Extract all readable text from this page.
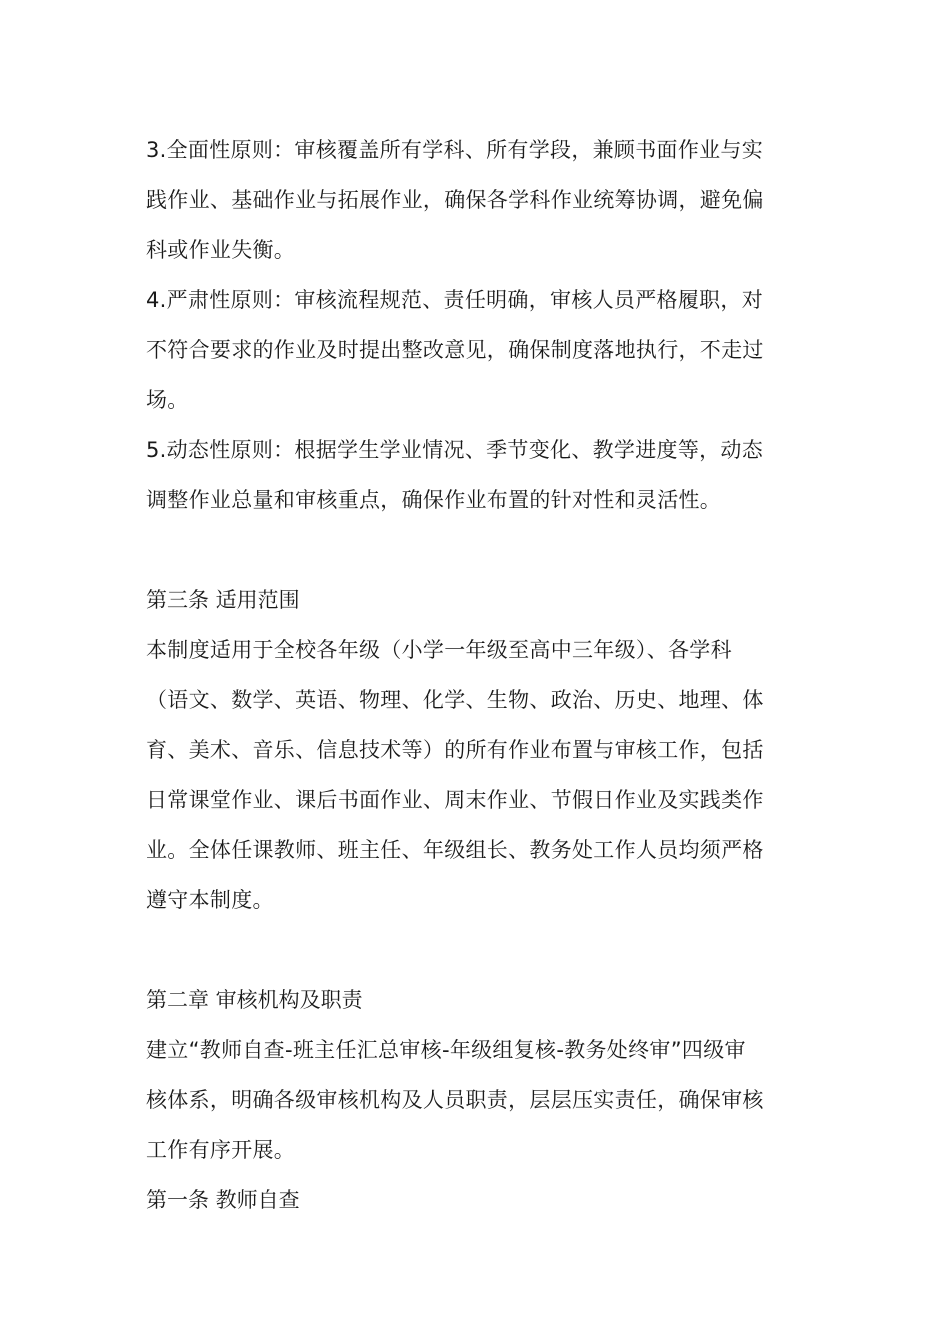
3.全面性原则：审核覆盖所有学科、所有学段，兼顾书面作业与实
践作业、基础作业与拓展作业，确保各学科作业统筹协调，避免偏
科或作业失衡。
4.严肃性原则：审核流程规范、责任明确，审核人员严格履职，对
不符合要求的作业及时提出整改意见，确保制度落地执行，不走过
场。
5.动态性原则：根据学生学业情况、季节变化、教学进度等，动态
调整作业总量和审核重点，确保作业布置的针对性和灵活性。
第三条 适用范围
本制度适用于全校各年级（小学一年级至高中三年级）、各学科
（语文、数学、英语、物理、化学、生物、政治、历史、地理、体
育、美术、音乐、信息技术等）的所有作业布置与审核工作，包括
日常课堂作业、课后书面作业、周末作业、节假日作业及实践类作
业。全体任课教师、班主任、年级组长、教务处工作人员均须严格
遵守本制度。
第二章 审核机构及职责
建立“教师自查-班主任汇总审核-年级组复核-教务处终审”四级审
核体系，明确各级审核机构及人员职责，层层压实责任，确保审核
工作有序开展。
第一条 教师自查
